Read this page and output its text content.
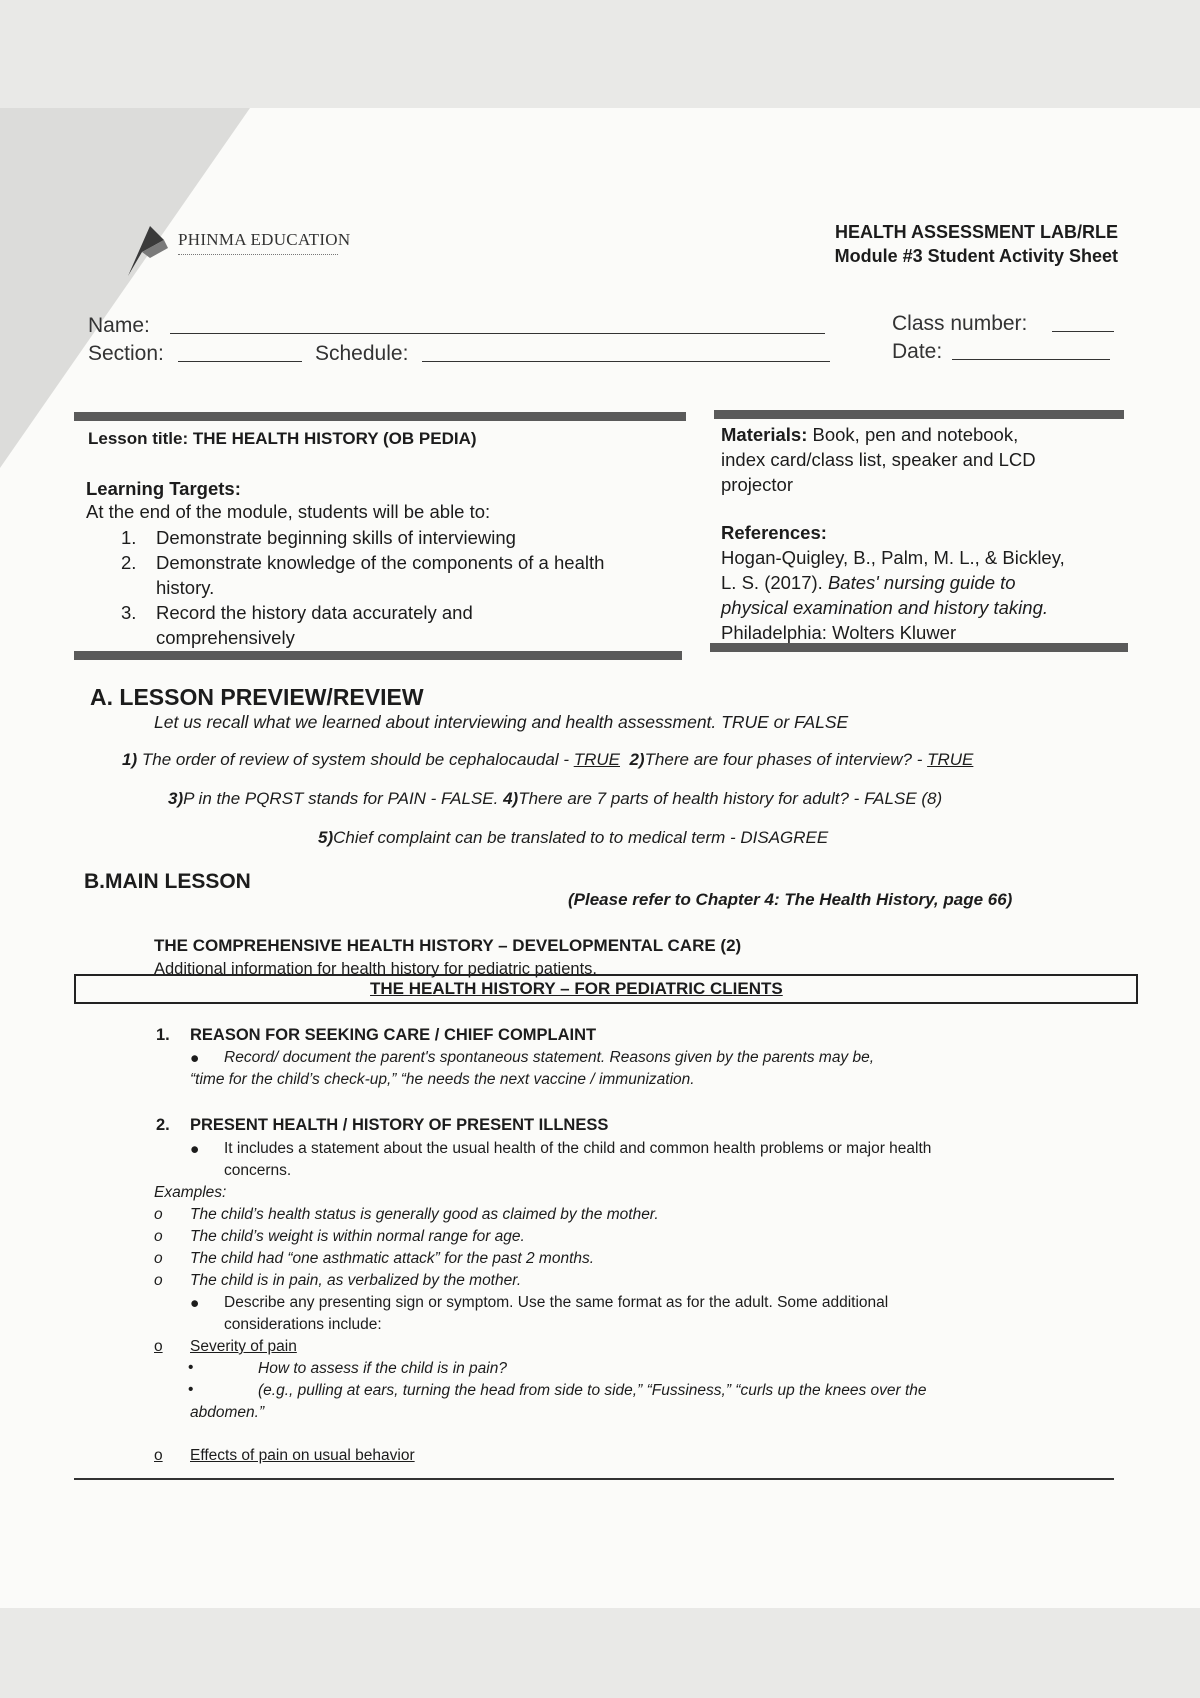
PHINMA EDUCATION	HEALTH ASSESSMENT LAB/RLE
Module #3 Student Activity Sheet
Name:
Section:	Schedule:
Class number:
Date:
Lesson title: THE HEALTH HISTORY (OB PEDIA)
Learning Targets:
At the end of the module, students will be able to:
1. Demonstrate beginning skills of interviewing
2. Demonstrate knowledge of the components of a health
history.
3. Record the history data accurately and
comprehensively
Materials: Book, pen and notebook,
index card/class list, speaker and LCD
projector
References:
Hogan-Quigley, B., Palm, M. L., & Bickley,
L. S. (2017). Bates' nursing guide to
physical examination and history taking.
Philadelphia: Wolters Kluwer
A. LESSON PREVIEW/REVIEW
Let us recall what we learned about interviewing and health assessment. TRUE or FALSE
1) The order of review of system should be cephalocaudal - TRUE 2)There are four phases of interview? - TRUE
3)P in the PQRST stands for PAIN - FALSE. 4)There are 7 parts of health history for adult? - FALSE (8)
5)Chief complaint can be translated to to medical term - DISAGREE
B.MAIN LESSON
(Please refer to Chapter 4: The Health History, page 66)
THE COMPREHENSIVE HEALTH HISTORY – DEVELOPMENTAL CARE (2)
Additional information for health history for pediatric patients.
THE HEALTH HISTORY – FOR PEDIATRIC CLIENTS
1. REASON FOR SEEKING CARE / CHIEF COMPLAINT
● Record/ document the parent's spontaneous statement. Reasons given by the parents may be,
“time for the child’s check-up,” “he needs the next vaccine / immunization.
2. PRESENT HEALTH / HISTORY OF PRESENT ILLNESS
● It includes a statement about the usual health of the child and common health problems or major health
concerns.
Examples:
o The child’s health status is generally good as claimed by the mother.
o The child’s weight is within normal range for age.
o The child had “one asthmatic attack” for the past 2 months.
o The child is in pain, as verbalized by the mother.
● Describe any presenting sign or symptom. Use the same format as for the adult. Some additional
considerations include:
o Severity of pain
•	How to assess if the child is in pain?
•	(e.g., pulling at ears, turning the head from side to side,” “Fussiness,” “curls up the knees over the
abdomen.”
o Effects of pain on usual behavior
